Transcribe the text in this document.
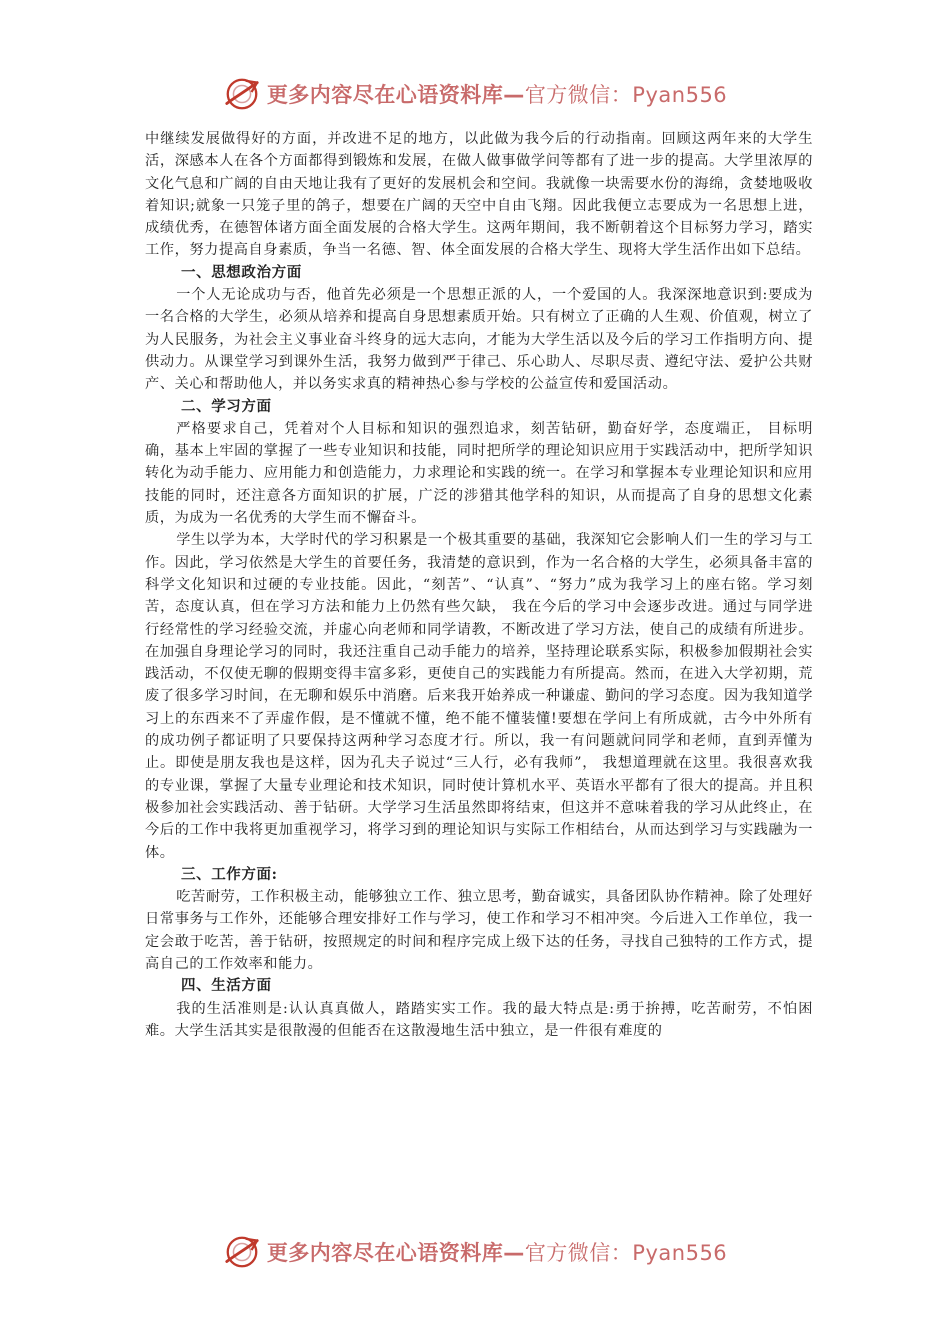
更多内容尽在心语资料库—官方微信：Pyan556

中继续发展做得好的方面，并改进不足的地方，以此做为我今后的行动指南。回顾这两年来的大学生活，深感本人在各个方面都得到锻炼和发展，在做人做事做学问等都有了进一步的提高。大学里浓厚的文化气息和广阔的自由天地让我有了更好的发展机会和空间。我就像一块需要水份的海绵，贪婪地吸收着知识;就象一只笼子里的鸽子，想要在广阔的天空中自由飞翔。因此我便立志要成为一名思想上进，成绩优秀，在德智体诸方面全面发展的合格大学生。这两年期间，我不断朝着这个目标努力学习，踏实工作，努力提高自身素质，争当一名德、智、体全面发展的合格大学生、现将大学生活作出如下总结。

一、思想政治方面

一个人无论成功与否，他首先必须是一个思想正派的人，一个爱国的人。我深深地意识到:要成为一名合格的大学生，必须从培养和提高自身思想素质开始。只有树立了正确的人生观、价值观，树立了为人民服务，为社会主义事业奋斗终身的远大志向，才能为大学生活以及今后的学习工作指明方向、提供动力。从课堂学习到课外生活，我努力做到严于律己、乐心助人、尽职尽责、遵纪守法、爱护公共财产、关心和帮助他人，并以务实求真的精神热心参与学校的公益宣传和爱国活动。

二、学习方面

严格要求自己，凭着对个人目标和知识的强烈追求，刻苦钻研，勤奋好学，态度端正， 目标明确，基本上牢固的掌握了一些专业知识和技能，同时把所学的理论知识应用于实践活动中，把所学知识转化为动手能力、应用能力和创造能力，力求理论和实践的统一。在学习和掌握本专业理论知识和应用技能的同时，还注意各方面知识的扩展，广泛的涉猎其他学科的知识，从而提高了自身的思想文化素质，为成为一名优秀的大学生而不懈奋斗。

学生以学为本，大学时代的学习积累是一个极其重要的基础，我深知它会影响人们一生的学习与工作。因此，学习依然是大学生的首要任务，我清楚的意识到，作为一名合格的大学生，必须具备丰富的科学文化知识和过硬的专业技能。因此，“刻苦”、“认真”、“努力”成为我学习上的座右铭。学习刻苦，态度认真，但在学习方法和能力上仍然有些欠缺， 我在今后的学习中会逐步改进。通过与同学进行经常性的学习经验交流，并虚心向老师和同学请教，不断改进了学习方法，使自己的成绩有所进步。在加强自身理论学习的同时，我还注重自己动手能力的培养，坚持理论联系实际，积极参加假期社会实践活动，不仅使无聊的假期变得丰富多彩，更使自己的实践能力有所提高。然而，在进入大学初期，荒废了很多学习时间，在无聊和娱乐中消磨。后来我开始养成一种谦虚、勤问的学习态度。因为我知道学习上的东西来不了弄虚作假，是不懂就不懂，绝不能不懂装懂!要想在学问上有所成就，古今中外所有的成功例子都证明了只要保持这两种学习态度才行。所以，我一有问题就问同学和老师，直到弄懂为止。即使是朋友我也是这样，因为孔夫子说过“三人行，必有我师”， 我想道理就在这里。我很喜欢我的专业课，掌握了大量专业理论和技术知识，同时使计算机水平、英语水平都有了很大的提高。并且积极参加社会实践活动、善于钻研。大学学习生活虽然即将结束，但这并不意味着我的学习从此终止，在今后的工作中我将更加重视学习，将学习到的理论知识与实际工作相结台，从而达到学习与实践融为一体。

三、工作方面:

吃苦耐劳，工作积极主动，能够独立工作、独立思考，勤奋诚实，具备团队协作精神。除了处理好日常事务与工作外，还能够合理安排好工作与学习，使工作和学习不相冲突。今后进入工作单位，我一定会敢于吃苦，善于钻研，按照规定的时间和程序完成上级下达的任务，寻找自己独特的工作方式，提高自己的工作效率和能力。

四、生活方面

我的生活准则是:认认真真做人，踏踏实实工作。我的最大特点是:勇于拚搏，吃苦耐劳，不怕困难。大学生活其实是很散漫的但能否在这散漫地生活中独立，是一件很有难度的

更多内容尽在心语资料库—官方微信：Pyan556
